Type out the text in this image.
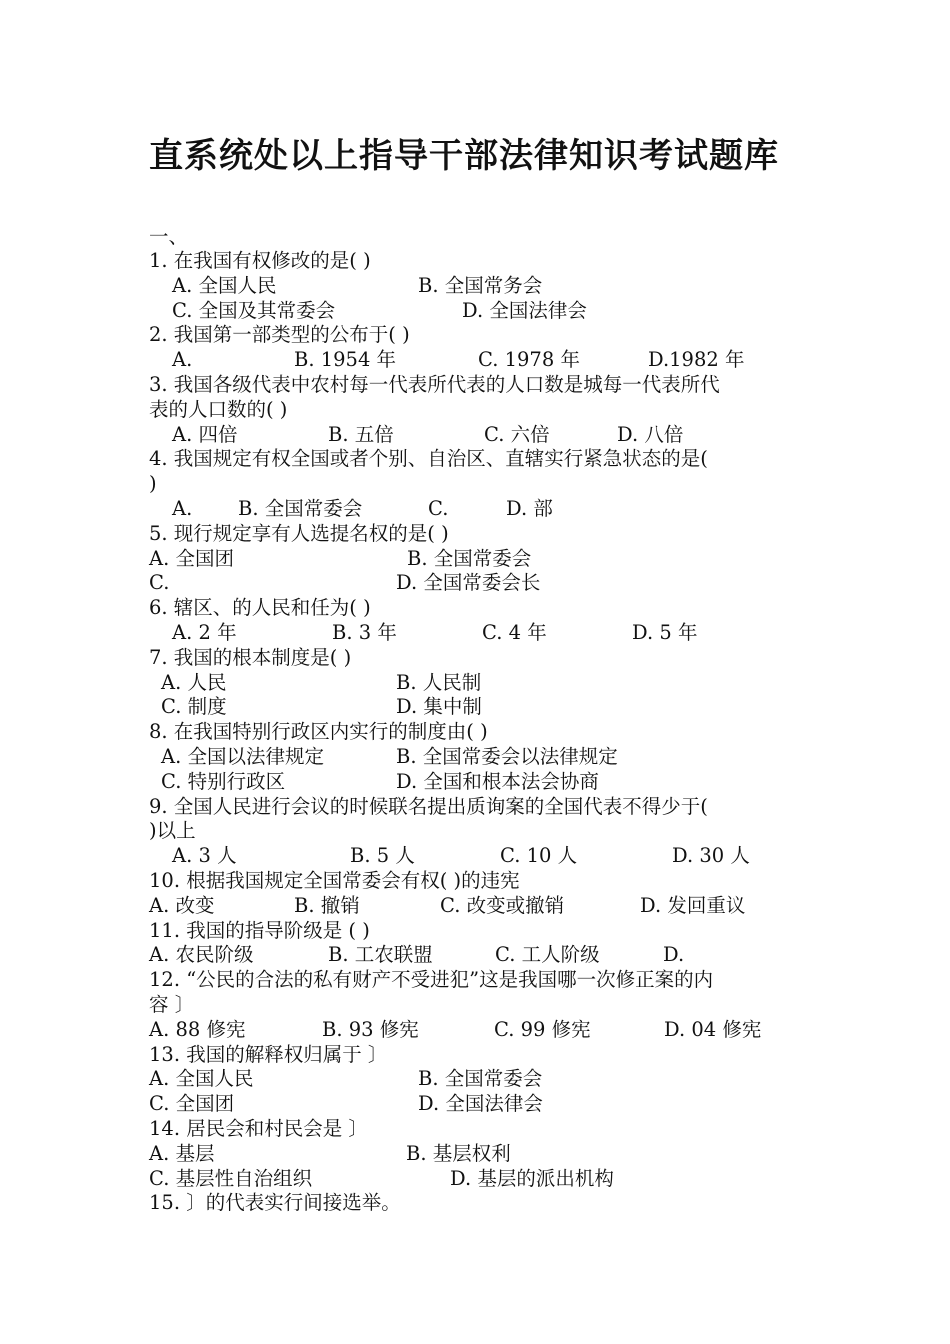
直系统处以上指导干部法律知识考试题库
一、
1. 在我国有权修改的是( )
A. 全国人民	B. 全国常务会
C. 全国及其常委会	D. 全国法律会
2. 我国第一部类型的公布于( )
A.	B. 1954 年	C. 1978 年	D.1982 年
3. 我国各级代表中农村每一代表所代表的人口数是城每一代表所代
表的人口数的( )
A. 四倍	B. 五倍	C. 六倍	D. 八倍
4. 我国规定有权全国或者个别、自治区、直辖实行紧急状态的是(
)
A. B. 全国常委会	C.	D. 部
5. 现行规定享有人选提名权的是( )
A. 全国团	B. 全国常委会
C.	D. 全国常委会长
6. 辖区、的人民和任为( )
A. 2 年	B. 3 年	C. 4 年	D. 5 年
7. 我国的根本制度是( )
A. 人民	B. 人民制
C. 制度	D. 集中制
8. 在我国特别行政区内实行的制度由( )
A. 全国以法律规定	B. 全国常委会以法律规定
C. 特别行政区	D. 全国和根本法会协商
9. 全国人民进行会议的时候联名提出质询案的全国代表不得少于(
)以上
A. 3 人	B. 5 人	C. 10 人	D. 30 人
10. 根据我国规定全国常委会有权( )的违宪
A. 改变	B. 撤销	C. 改变或撤销	D. 发回重议
11. 我国的指导阶级是 ( )
A. 农民阶级	B. 工农联盟	C. 工人阶级	D.
12. “公民的合法的私有财产不受进犯”这是我国哪一次修正案的内
容 〕
A. 88 修宪	B. 93 修宪	C. 99 修宪	D. 04 修宪
13. 我国的解释权归属于 〕
A. 全国人民	B. 全国常委会
C. 全国团	D. 全国法律会
14. 居民会和村民会是 〕
A. 基层	B. 基层权利
C. 基层性自治组织	D. 基层的派出机构
15. 〕的代表实行间接选举。
